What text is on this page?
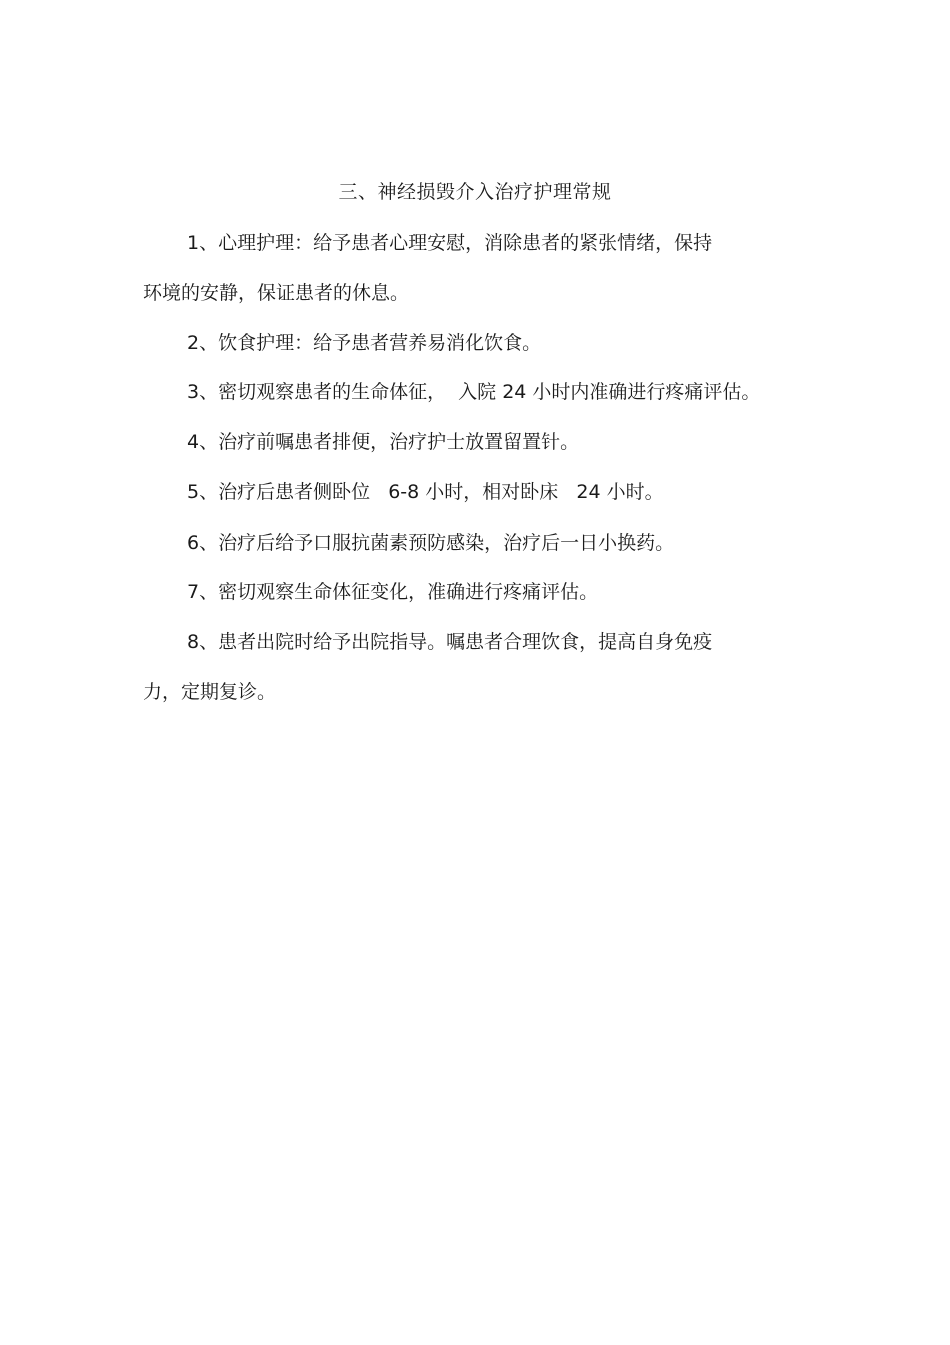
三、神经损毁介入治疗护理常规
1、心理护理：给予患者心理安慰，消除患者的紧张情绪，保持
环境的安静，保证患者的休息。
2、饮食护理：给予患者营养易消化饮食。
3、密切观察患者的生命体征，  入院 24 小时内准确进行疼痛评估。
4、治疗前嘱患者排便，治疗护士放置留置针。
5、治疗后患者侧卧位   6-8 小时，相对卧床   24 小时。
6、治疗后给予口服抗菌素预防感染，治疗后一日小换药。
7、密切观察生命体征变化，准确进行疼痛评估。
8、患者出院时给予出院指导。嘱患者合理饮食，提高自身免疫
力，定期复诊。
